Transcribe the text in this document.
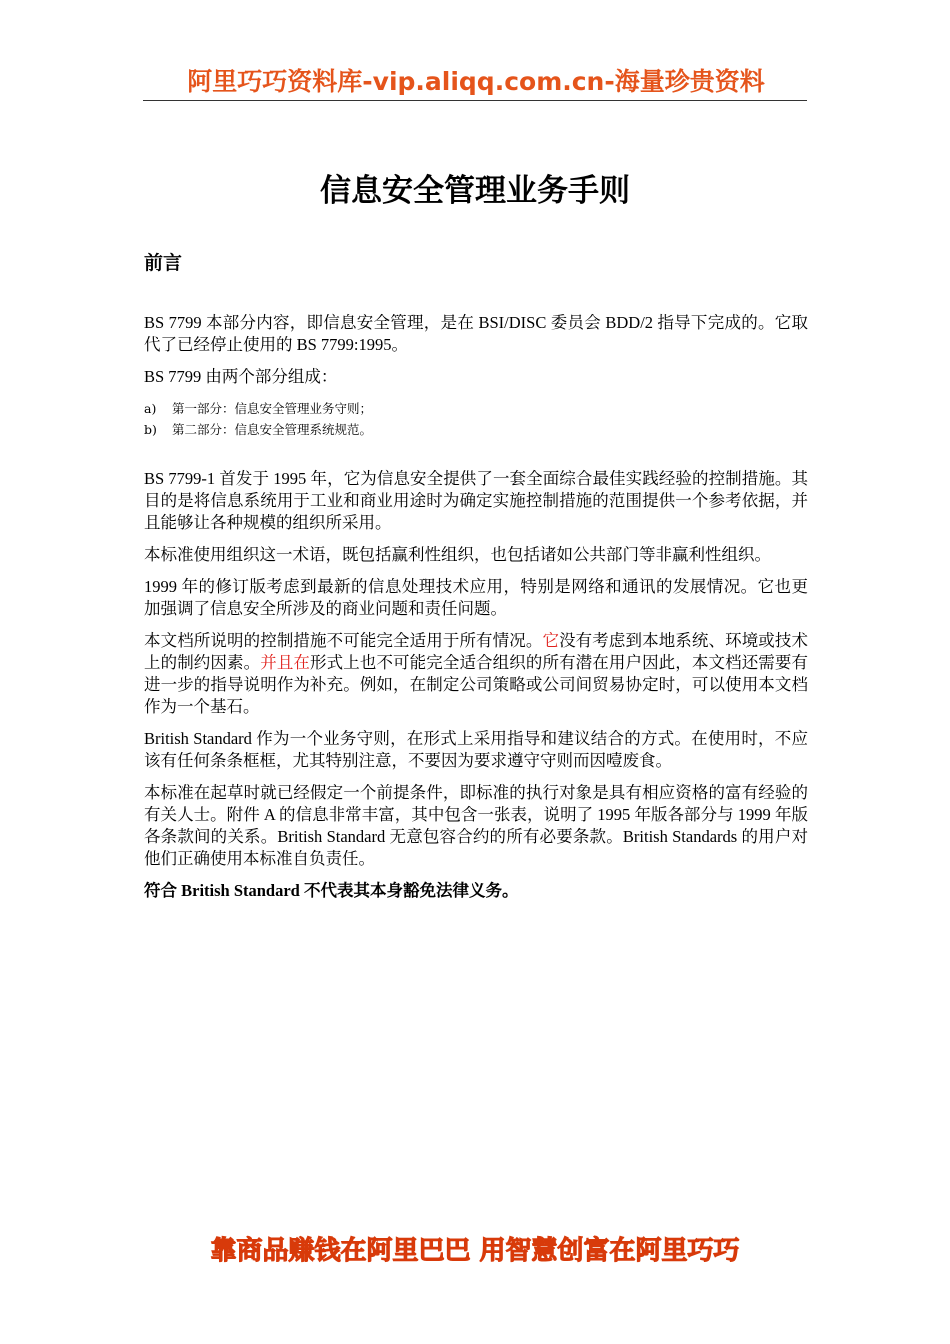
阿里巧巧资料库-vip.aliqq.com.cn-海量珍贵资料
信息安全管理业务手则
前言

BS 7799 本部分内容，即信息安全管理，是在 BSI/DISC 委员会 BDD/2 指导下完成的。它取代了已经停止使用的 BS 7799:1995。

BS 7799 由两个部分组成：

a) 第一部分：信息安全管理业务守则；
b) 第二部分：信息安全管理系统规范。

BS 7799-1 首发于 1995 年，它为信息安全提供了一套全面综合最佳实践经验的控制措施。其目的是将信息系统用于工业和商业用途时为确定实施控制措施的范围提供一个参考依据，并且能够让各种规模的组织所采用。

本标准使用组织这一术语，既包括赢利性组织，也包括诸如公共部门等非赢利性组织。

1999 年的修订版考虑到最新的信息处理技术应用，特别是网络和通讯的发展情况。它也更加强调了信息安全所涉及的商业问题和责任问题。

本文档所说明的控制措施不可能完全适用于所有情况。它没有考虑到本地系统、环境或技术上的制约因素。并且在形式上也不可能完全适合组织的所有潜在用户因此，本文档还需要有进一步的指导说明作为补充。例如，在制定公司策略或公司间贸易协定时，可以使用本文档作为一个基石。

British Standard 作为一个业务守则，在形式上采用指导和建议结合的方式。在使用时，不应该有任何条条框框，尤其特别注意，不要因为要求遵守守则而因噎废食。

本标准在起草时就已经假定一个前提条件，即标准的执行对象是具有相应资格的富有经验的有关人士。附件 A 的信息非常丰富，其中包含一张表，说明了 1995 年版各部分与 1999 年版各条款间的关系。British Standard 无意包容合约的所有必要条款。British Standards 的用户对他们正确使用本标准自负责任。

符合 British Standard 不代表其本身豁免法律义务。

靠商品赚钱在阿里巴巴 用智慧创富在阿里巧巧
